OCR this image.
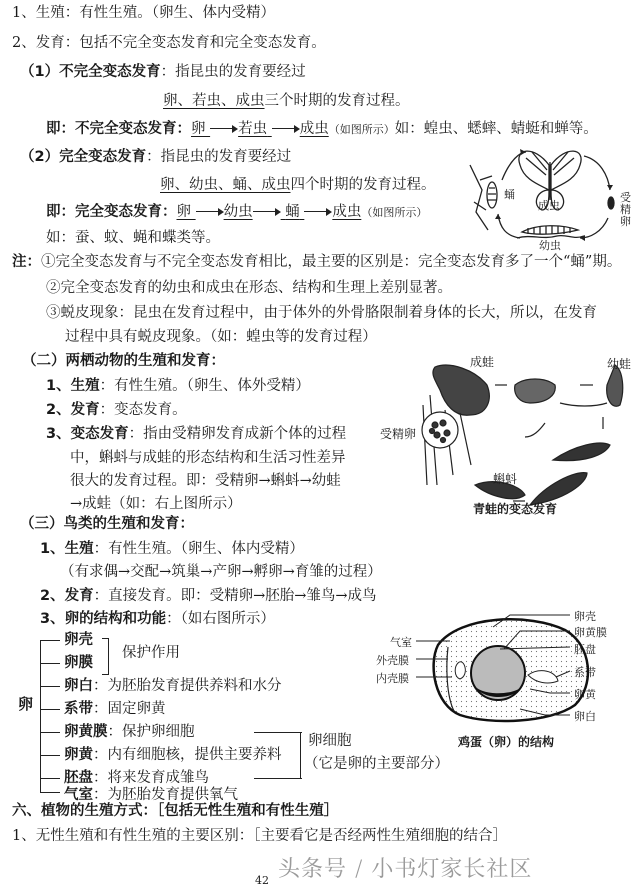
1、生殖：有性生殖。（卵生、体内受精）
2、发育：包括不完全变态发育和完全变态发育。
（1）不完全变态发育：指昆虫的发育要经过
卵、若虫、成虫三个时期的发育过程。
即：不完全变态发育：卵 若虫 成虫（如图所示）如：蝗虫、蟋蟀、蜻蜓和蝉等。
（2）完全变态发育：指昆虫的发育要经过
卵、幼虫、蛹、成虫四个时期的发育过程。
即：完全变态发育：卵 幼虫 蛹 成虫（如图所示）
如：蚕、蚊、蝇和蝶类等。
蛹
成虫
受精卵
幼虫
注：①完全变态发育与不完全变态发育相比，最主要的区别是：完全变态发育多了一个“蛹”期。
②完全变态发育的幼虫和成虫在形态、结构和生理上差别显著。
③蜕皮现象：昆虫在发育过程中，由于体外的外骨胳限制着身体的长大，所以，在发育
过程中具有蜕皮现象。（如：蝗虫等的发育过程）
（二）两栖动物的生殖和发育：
1、生殖：有性生殖。（卵生、体外受精）
2、发育：变态发育。
3、变态发育：指由受精卵发育成新个体的过程
中，蝌蚪与成蛙的形态结构和生活习性差异
很大的发育过程。即：受精卵→蝌蚪→幼蛙
→成蛙（如：右上图所示）
成蛙	幼蛙
受精卵
蝌蚪
青蛙的变态发育
（三）鸟类的生殖和发育：
1、生殖：有性生殖。（卵生、体内受精）
（有求偶→交配→筑巢→产卵→孵卵→育雏的过程）
2、发育：直接发育。即：受精卵→胚胎→雏鸟→成鸟
3、卵的结构和功能：（如右图所示）
卵
卵壳
卵膜
保护作用
卵白：为胚胎发育提供养料和水分
系带：固定卵黄
卵黄膜：保护卵细胞
卵黄：内有细胞核，提供主要养料
胚盘：将来发育成雏鸟
气室：为胚胎发育提供氧气
卵细胞
（它是卵的主要部分）
气室
外壳膜
内壳膜
卵壳
卵黄膜
胚盘
系带
卵黄
卵白
鸡蛋（卵）的结构
六、植物的生殖方式：［包括无性生殖和有性生殖］
1、无性生殖和有性生殖的主要区别：［主要看它是否经两性生殖细胞的结合］
42 头条号 / 小书灯家长社区
